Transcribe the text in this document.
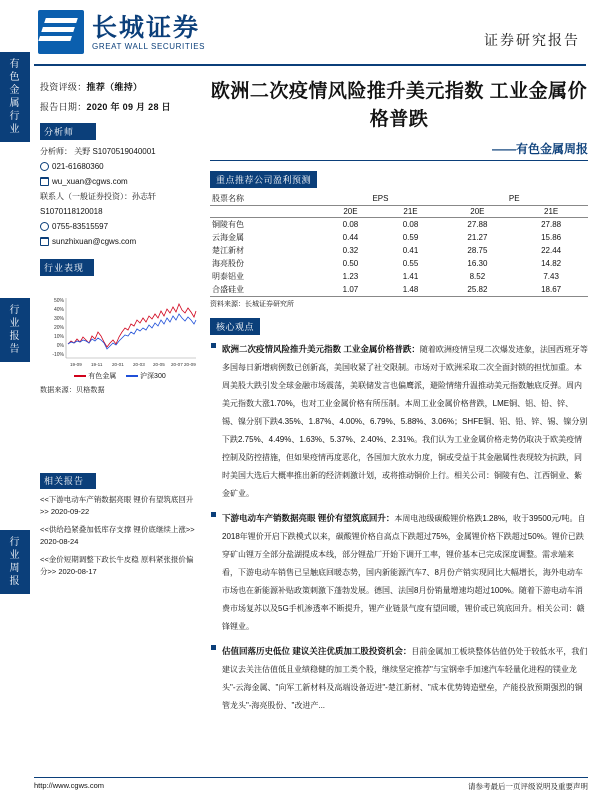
有
色
金
属
行
业
行
业
报
告
行
业
周
报
长城证券
GREAT WALL SECURITIES	证券研究报告
投资评级：推荐（维持）
报告日期：2020 年 09 月 28 日
分析师
分析师： 关野 S1070519040001
021-61680360
wu_xuan@cgws.com
联系人（一般证券投资）：孙志轩
S1070118120018
0755-83515597
sunzhixuan@cgws.com
行业表现
50%
40%
30%
20%
10%
0%
-10%
19-09 19-11 20-01 20-03 20-05 20-07 20-09
有色金属	沪深300
数据来源：贝格数据
相关报告

<<下游电动车产销数据亮眼 锂价有望筑底回升>> 2020-09-22

<<供给趋紧叠加低库存支撑 锂价底继续上涨>> 2020-08-24

<<金价短期调整下政长牛皮稳 原料紧张报价偏分>> 2020-08-17

欧洲二次疫情风险推升美元指数 工业金属价格普跌
——有色金属周报
重点推荐公司盈利预测
股票名称	EPS		PE	
	20E	21E	20E	21E
铜陵有色	0.08	0.08	27.88	27.88
云海金属	0.44	0.59	21.27	15.86
楚江新材	0.32	0.41	28.75	22.44
海亮股份	0.50	0.55	16.30	14.82
明泰铝业	1.23	1.41	8.52	7.43
合盛硅业	1.07	1.48	25.82	18.67
资料来源：长城证券研究所
核心观点
欧洲二次疫情风险推升美元指数 工业金属价格普跌：随着欧洲疫情呈现二次爆发迹象，法国西班牙等多国每日新增病例数已创新高，美国收紧了社交限制。市场对于欧洲采取二次全面封锁的担忧加重。本周美股大跌引发全球金融市场震荡，美联储发言也偏鹰派，避险情绪升温推动美元指数触底反弹。周内美元指数大涨1.70%，也对工业金属价格有所压制。本周工业金属价格普跌，LME铜、铝、铅、锌、锡、镍分别下跌4.35%、1.87%、4.00%、6.79%、5.88%、3.06%；SHFE铜、铝、铅、锌、锡、镍分别下跌2.75%、4.49%、1.63%、5.37%、2.40%、2.31%。我们认为工业金属价格走势仍取决于欧美疫情控制及防控措施，但如果疫情再度恶化，各国加大放水力度，铜或受益于其金融属性表现较为抗跌，同时美国大选后大概率推出新的经济刺激计划，或将推动铜价上行。相关公司：铜陵有色、江西铜业、紫金矿业。
下游电动车产销数据亮眼 锂价有望筑底回升：本周电池级碳酸锂价格跌1.28%，收于39500元/吨。自2018年锂价开启下跌模式以来，碳酸锂价格自高点下跌超过75%，金属锂价格下跌超过50%。锂价已跌穿矿山锂万全部分盐湖提成本线，部分锂盐厂开始下调开工率，锂价基本已完成深度调整。需求端来看，下游电动车销售已呈触底回暖态势，国内新能源汽车7、8月份产销实现同比大幅增长，海外电动车市场也在新能源补贴政策刺激下蓬勃发展。德国、法国8月份销量增速均超过100%。随着下游电动车消费市场复苏以及5G手机渗透率不断提升，锂产业链景气度有望回暖，锂价或已筑底回升。相关公司：赣锋锂业。
估值回落历史低位 建议关注优质加工股投资机会：目前金属加工板块整体估值仍处于较低水平，我们建议去关注估值低且业绩稳健的加工类个股，继续坚定推荐"与宝钢牵手加速汽车轻量化进程的镁业龙头"-云海金属、"向军工新材料及高端设备迈进"-楚江新材、"成本优势铸造壁垒，产能投放预期强烈的铜管龙头"-海亮股份、"改进产...
http://www.cgws.com	请参考最后一页评级说明及重要声明
